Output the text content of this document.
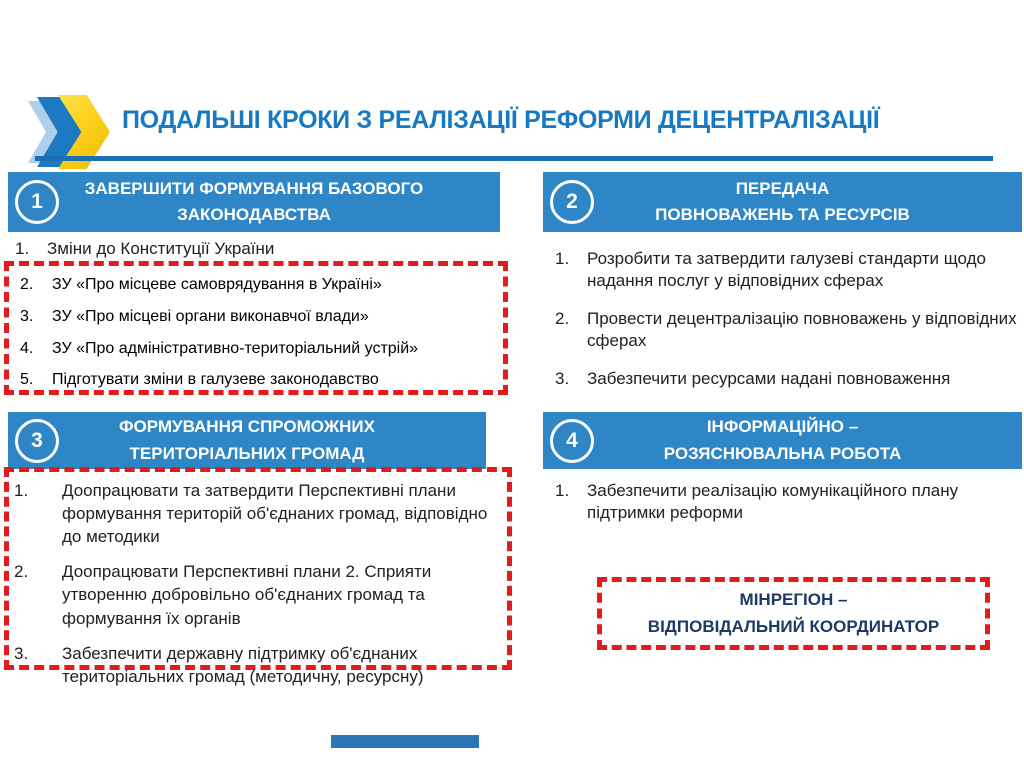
ПОДАЛЬШІ КРОКИ З РЕАЛІЗАЦІЇ РЕФОРМИ ДЕЦЕНТРАЛІЗАЦІЇ
1
ЗАВЕРШИТИ ФОРМУВАННЯ БАЗОВОГО
ЗАКОНОДАВСТВА
1.	Зміни до Конституції України
2.	ЗУ «Про місцеве самоврядування в Україні»
3.	ЗУ «Про місцеві органи виконавчої влади»
4.	ЗУ «Про адміністративно-територіальний устрій»
5.	Підготувати зміни в галузеве законодавство
2
ПЕРЕДАЧА
ПОВНОВАЖЕНЬ ТА РЕСУРСІВ
1.	Розробити та затвердити галузеві стандарти щодо надання послуг у відповідних сферах
2.	Провести децентралізацію повноважень у відповідних сферах
3.	Забезпечити ресурсами надані повноваження
3
ФОРМУВАННЯ СПРОМОЖНИХ
ТЕРИТОРІАЛЬНИХ ГРОМАД
1.	Доопрацювати та затвердити Перспективні плани формування територій об'єднаних громад, відповідно до методики
2.	Доопрацювати Перспективні плани 2. Сприяти утворенню добровільно об'єднаних громад та формування їх органів
3.	Забезпечити державну підтримку об'єднаних територіальних громад (методичну, ресурсну)
4
ІНФОРМАЦІЙНО –
РОЗЯСНЮВАЛЬНА РОБОТА
1.	Забезпечити реалізацію комунікаційного плану підтримки реформи
МІНРЕГІОН –
ВІДПОВІДАЛЬНИЙ КООРДИНАТОР
